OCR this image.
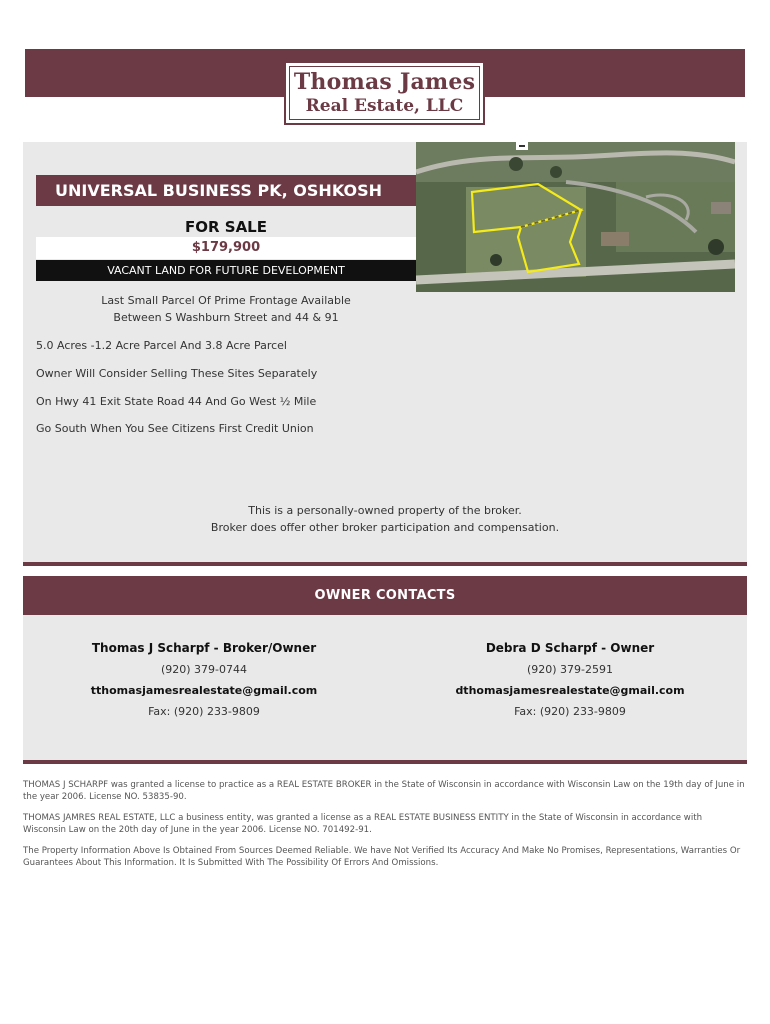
Thomas James
Real Estate, LLC
UNIVERSAL BUSINESS PK, OSHKOSH
FOR SALE
$179,900
VACANT LAND FOR FUTURE DEVELOPMENT
Last Small Parcel Of Prime Frontage Available
Between S Washburn Street and 44 & 91
5.0 Acres -1.2 Acre Parcel And 3.8 Acre Parcel
Owner Will Consider Selling These Sites Separately
On Hwy 41 Exit State Road 44 And Go West ½ Mile
Go South When You See Citizens First Credit Union
This is a personally-owned property of the broker.
Broker does offer other broker participation and compensation.
OWNER CONTACTS
Thomas J Scharpf - Broker/Owner
(920) 379-0744
tthomasjamesrealestate@gmail.com
Fax: (920) 233-9809
Debra D Scharpf - Owner
(920) 379-2591
dthomasjamesrealestate@gmail.com
Fax: (920) 233-9809
THOMAS J SCHARPF was granted a license to practice as a REAL ESTATE BROKER in the State of Wisconsin in accordance with Wisconsin Law on the 19th day of June in the year 2006. License NO. 53835-90.
THOMAS JAMRES REAL ESTATE, LLC a business entity, was granted a license as a REAL ESTATE BUSINESS ENTITY in the State of Wisconsin in accordance with Wisconsin Law on the 20th day of June in the year 2006. License NO. 701492-91.
The Property Information Above Is Obtained From Sources Deemed Reliable. We have Not Verified Its Accuracy And Make No Promises, Representations, Warranties Or Guarantees About This Information. It Is Submitted With The Possibility Of Errors And Omissions.
